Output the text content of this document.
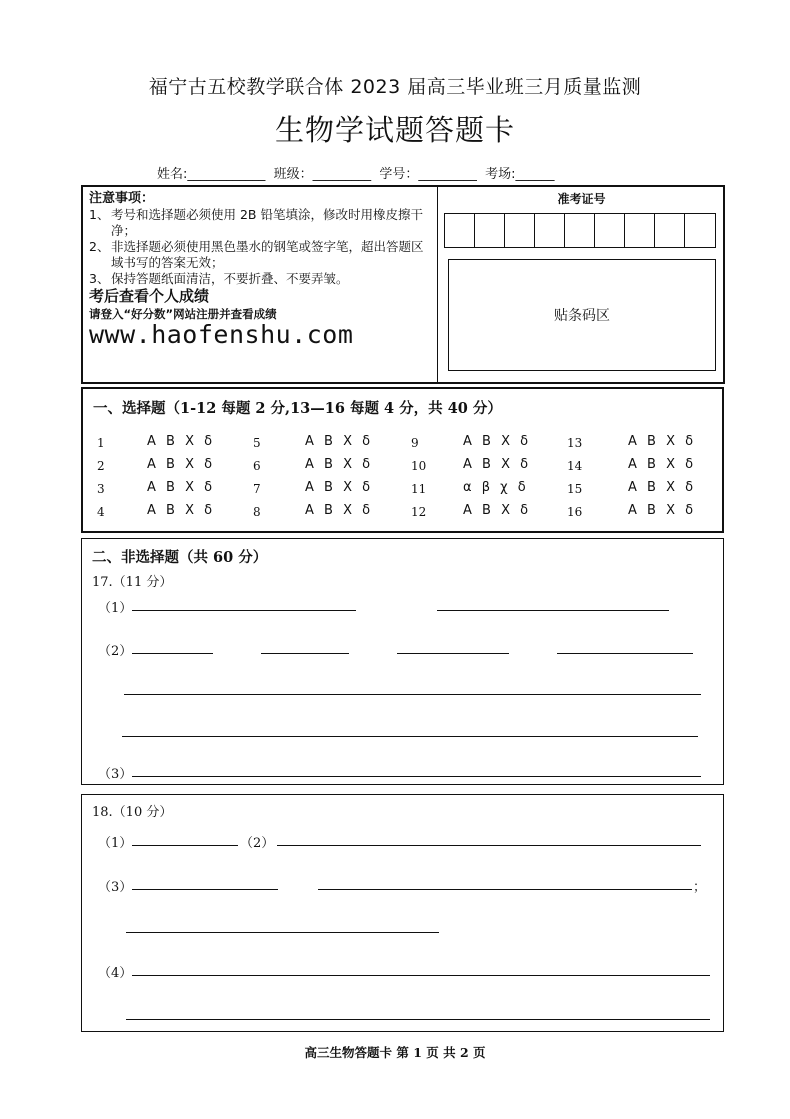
福宁古五校教学联合体 2023 届高三毕业班三月质量监测
生物学试题答题卡
姓名:____________  班级：_________  学号：_________  考场:______
注意事项：
1、 考号和选择题必须使用 2B 铅笔填涂，修改时用橡皮擦干净；
2、 非选择题必须使用黑色墨水的钢笔或签字笔，超出答题区域书写的答案无效；
3、 保持答题纸面清洁，不要折叠、不要弄皱。
考后查看个人成绩
请登入“好分数”网站注册并查看成绩
www.haofenshu.com
准考证号
贴条码区
一、选择题（1-12 每题 2 分,13—16 每题 4 分，共 40 分）
1	A B X δ
2	A B X δ
3	A B X δ
4	A B X δ
5	A B X δ
6	A B X δ
7	A B X δ
8	A B X δ
9	A B X δ
10	A B X δ
11	α β χ δ
12	A B X δ
13	A B X δ
14	A B X δ
15	A B X δ
16	A B X δ
二、非选择题（共 60 分）
17.（11 分）
（1）
（2）
（3）
18.（10 分）
（1）	（2）
（3）	；
（4）
高三生物答题卡 第 1 页 共 2 页
